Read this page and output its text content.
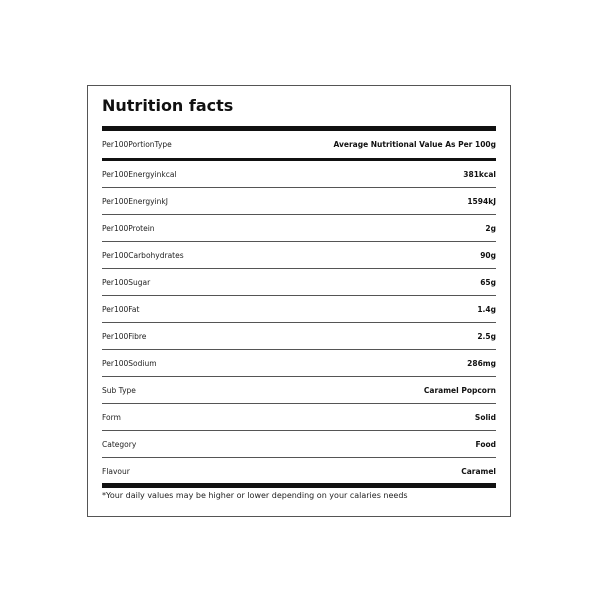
Nutrition facts
Per100PortionType	Average Nutritional Value As Per 100g
Per100Energyinkcal	381kcal
Per100EnergyinkJ	1594kJ
Per100Protein	2g
Per100Carbohydrates	90g
Per100Sugar	65g
Per100Fat	1.4g
Per100Fibre	2.5g
Per100Sodium	286mg
Sub Type	Caramel Popcorn
Form	Solid
Category	Food
Flavour	Caramel
*Your daily values may be higher or lower depending on your calaries needs
